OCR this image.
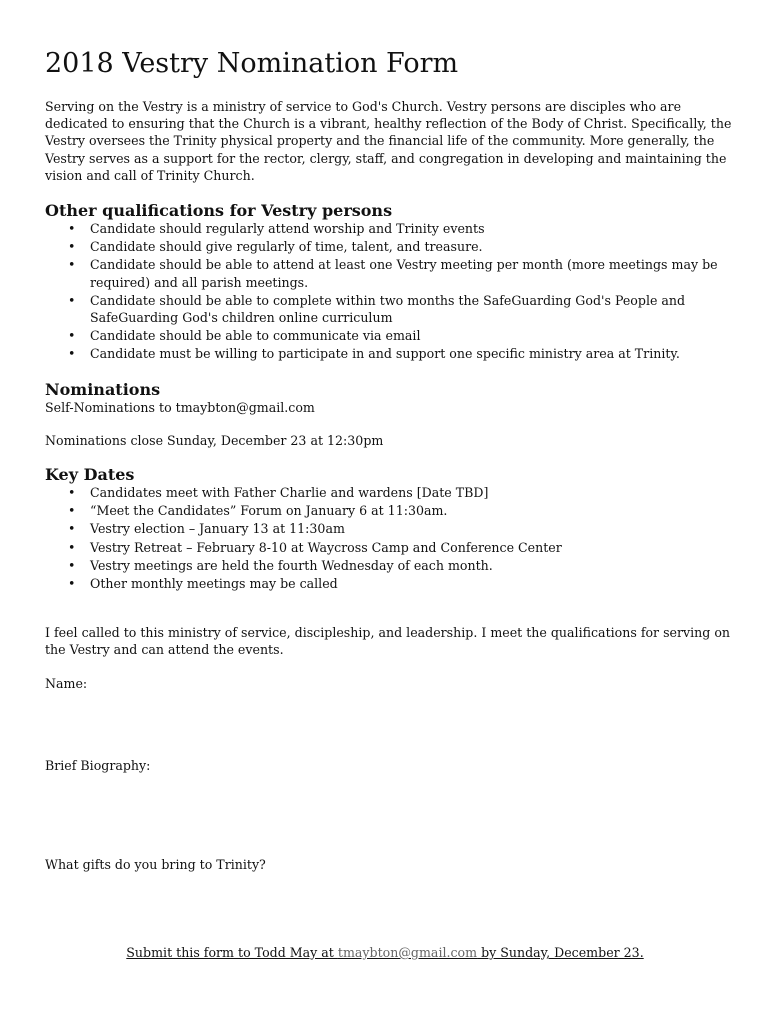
2018 Vestry Nomination Form

Serving on the Vestry is a ministry of service to God's Church. Vestry persons are disciples who are dedicated to ensuring that the Church is a vibrant, healthy reflection of the Body of Christ. Specifically, the Vestry oversees the Trinity physical property and the financial life of the community. More generally, the Vestry serves as a support for the rector, clergy, staff, and congregation in developing and maintaining the vision and call of Trinity Church.

Other qualifications for Vestry persons
• Candidate should regularly attend worship and Trinity events
• Candidate should give regularly of time, talent, and treasure.
• Candidate should be able to attend at least one Vestry meeting per month (more meetings may be required) and all parish meetings.
• Candidate should be able to complete within two months the SafeGuarding God's People and SafeGuarding God's children online curriculum
• Candidate should be able to communicate via email
• Candidate must be willing to participate in and support one specific ministry area at Trinity.
Nominations
Self-Nominations to tmaybton@gmail.com
Nominations close Sunday, December 23 at 12:30pm
Key Dates
• Candidates meet with Father Charlie and wardens [Date TBD]
• “Meet the Candidates” Forum on January 6 at 11:30am.
• Vestry election – January 13 at 11:30am
• Vestry Retreat – February 8-10 at Waycross Camp and Conference Center
• Vestry meetings are held the fourth Wednesday of each month.
• Other monthly meetings may be called

I feel called to this ministry of service, discipleship, and leadership. I meet the qualifications for serving on the Vestry and can attend the events.

Name:
Brief Biography:
What gifts do you bring to Trinity?
Submit this form to Todd May at tmaybton@gmail.com by Sunday, December 23.
